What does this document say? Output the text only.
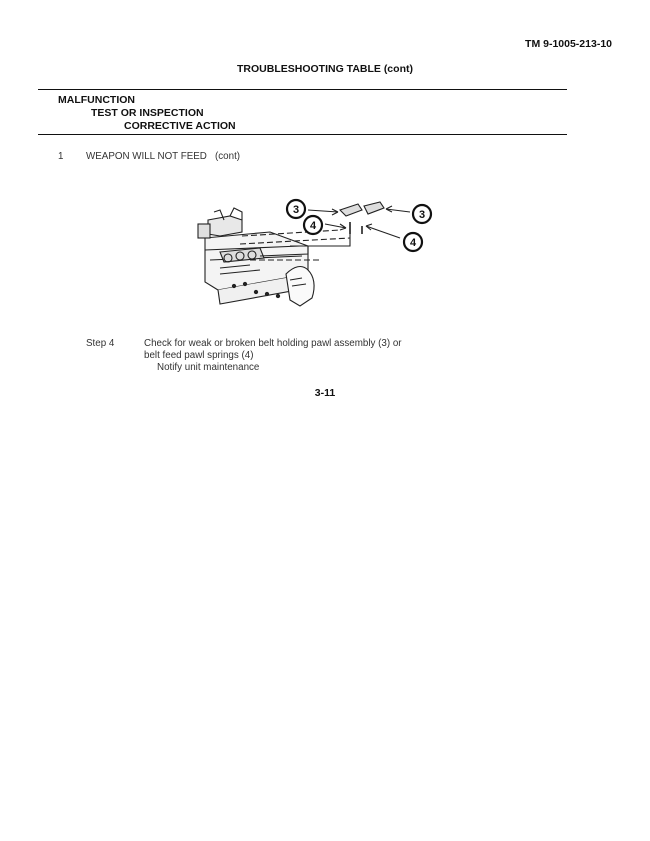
TM 9-1005-213-10
TROUBLESHOOTING TABLE (cont)
MALFUNCTION
TEST OR INSPECTION
CORRECTIVE ACTION
1 WEAPON WILL NOT FEED   (cont)
3
4
3
4
Step 4	Check for weak or broken belt holding pawl assembly (3) or
belt feed pawl springs (4)
Notify unit maintenance
3-11
